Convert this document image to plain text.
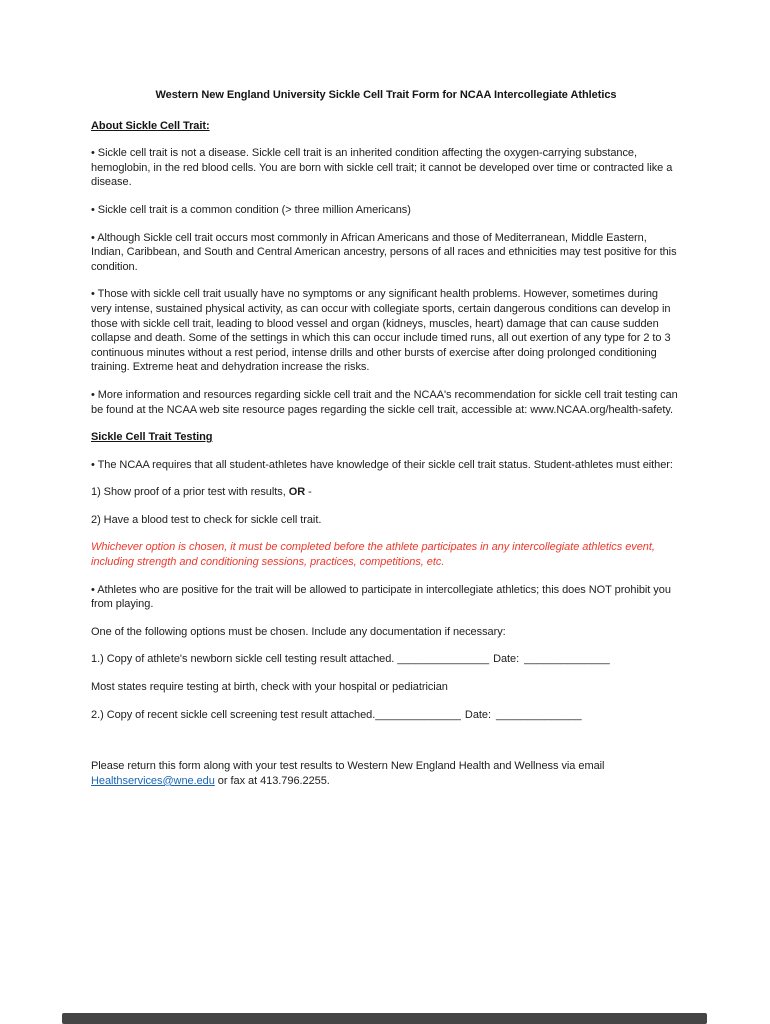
Western New England University Sickle Cell Trait Form for NCAA Intercollegiate Athletics
About Sickle Cell Trait:

• Sickle cell trait is not a disease. Sickle cell trait is an inherited condition affecting the oxygen-carrying substance, hemoglobin, in the red blood cells. You are born with sickle cell trait; it cannot be developed over time or contracted like a disease.

• Sickle cell trait is a common condition (> three million Americans)

• Although Sickle cell trait occurs most commonly in African Americans and those of Mediterranean, Middle Eastern, Indian, Caribbean, and South and Central American ancestry, persons of all races and ethnicities may test positive for this condition.

• Those with sickle cell trait usually have no symptoms or any significant health problems. However, sometimes during very intense, sustained physical activity, as can occur with collegiate sports, certain dangerous conditions can develop in those with sickle cell trait, leading to blood vessel and organ (kidneys, muscles, heart) damage that can cause sudden collapse and death. Some of the settings in which this can occur include timed runs, all out exertion of any type for 2 to 3 continuous minutes without a rest period, intense drills and other bursts of exercise after doing prolonged conditioning training. Extreme heat and dehydration increase the risks.

• More information and resources regarding sickle cell trait and the NCAA's recommendation for sickle cell trait testing can be found at the NCAA web site resource pages regarding the sickle cell trait, accessible at: www.NCAA.org/health-safety.

Sickle Cell Trait Testing

• The NCAA requires that all student-athletes have knowledge of their sickle cell trait status. Student-athletes must either:

1) Show proof of a prior test with results, OR -

2) Have a blood test to check for sickle cell trait.

Whichever option is chosen, it must be completed before the athlete participates in any intercollegiate athletics event, including strength and conditioning sessions, practices, competitions, etc.

• Athletes who are positive for the trait will be allowed to participate in intercollegiate athletics; this does NOT prohibit you from playing.

One of the following options must be chosen. Include any documentation if necessary:

1.) Copy of athlete's newborn sickle cell testing result attached. _______________ Date: ______________

Most states require testing at birth, check with your hospital or pediatrician

2.) Copy of recent sickle cell screening test result attached.______________ Date: ______________

Please return this form along with your test results to Western New England Health and Wellness via email
Healthservices@wne.edu or fax at 413.796.2255.
